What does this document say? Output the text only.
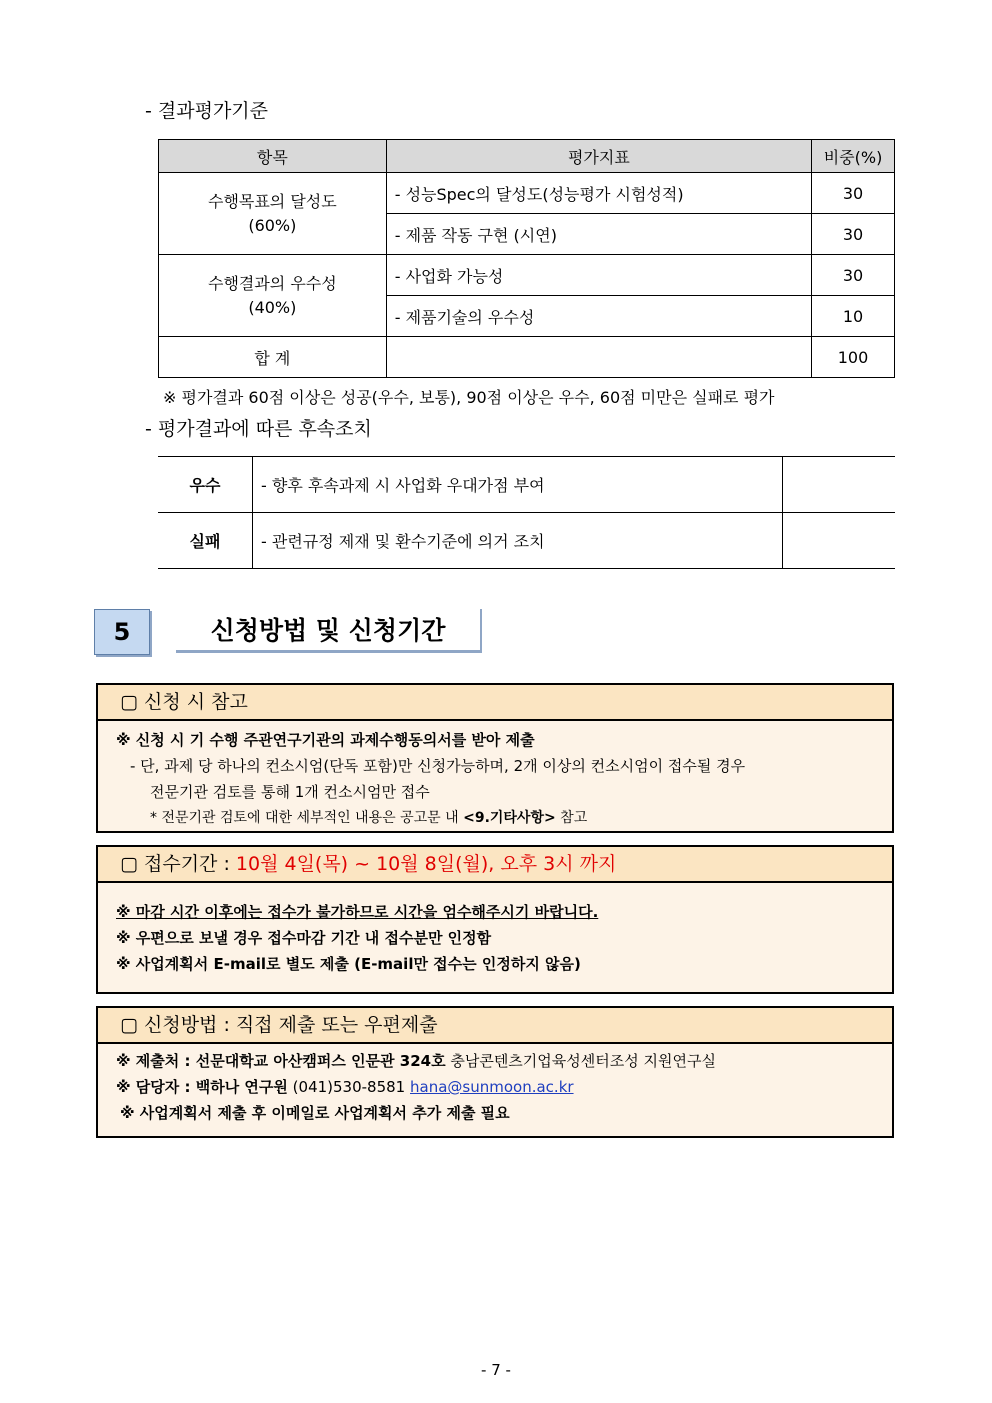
- 결과평가기준
항목	평가지표	비중(%)

수행목표의 달성도
(60%)	- 성능Spec의 달성도(성능평가 시험성적)	30
	- 제품 작동 구현 (시연)	30

수행결과의 우수성
(40%)	- 사업화 가능성	30
	- 제품기술의 우수성	10
합 계		100
※ 평가결과 60점 이상은 성공(우수, 보통), 90점 이상은 우수, 60점 미만은 실패로 평가
- 평가결과에 따른 후속조치
우수	- 향후 후속과제 시 사업화 우대가점 부여	
실패	- 관련규정 제재 및 환수기준에 의거 조치	
5	신청방법 및 신청기간
▢ 신청 시 참고
※ 신청 시 기 수행 주관연구기관의 과제수행동의서를 받아 제출
- 단, 과제 당 하나의 컨소시엄(단독 포함)만 신청가능하며, 2개 이상의 컨소시엄이 접수될 경우
전문기관 검토를 통해 1개 컨소시엄만 접수
* 전문기관 검토에 대한 세부적인 내용은 공고문 내 <9.기타사항> 참고
▢ 접수기간 : 10월 4일(목) ~ 10월 8일(월), 오후 3시 까지
※ 마감 시간 이후에는 접수가 불가하므로 시간을 엄수해주시기 바랍니다.
※ 우편으로 보낼 경우 접수마감 기간 내 접수분만 인정함
※ 사업계획서 E-mail로 별도 제출 (E-mail만 접수는 인정하지 않음)
▢ 신청방법 : 직접 제출 또는 우편제출
※ 제출처 : 선문대학교 아산캠퍼스 인문관 324호 충남콘텐츠기업육성센터조성 지원연구실
※ 담당자 : 백하나 연구원 (041)530-8581 hana@sunmoon.ac.kr
※ 사업계획서 제출 후 이메일로 사업계획서 추가 제출 필요
- 7 -
